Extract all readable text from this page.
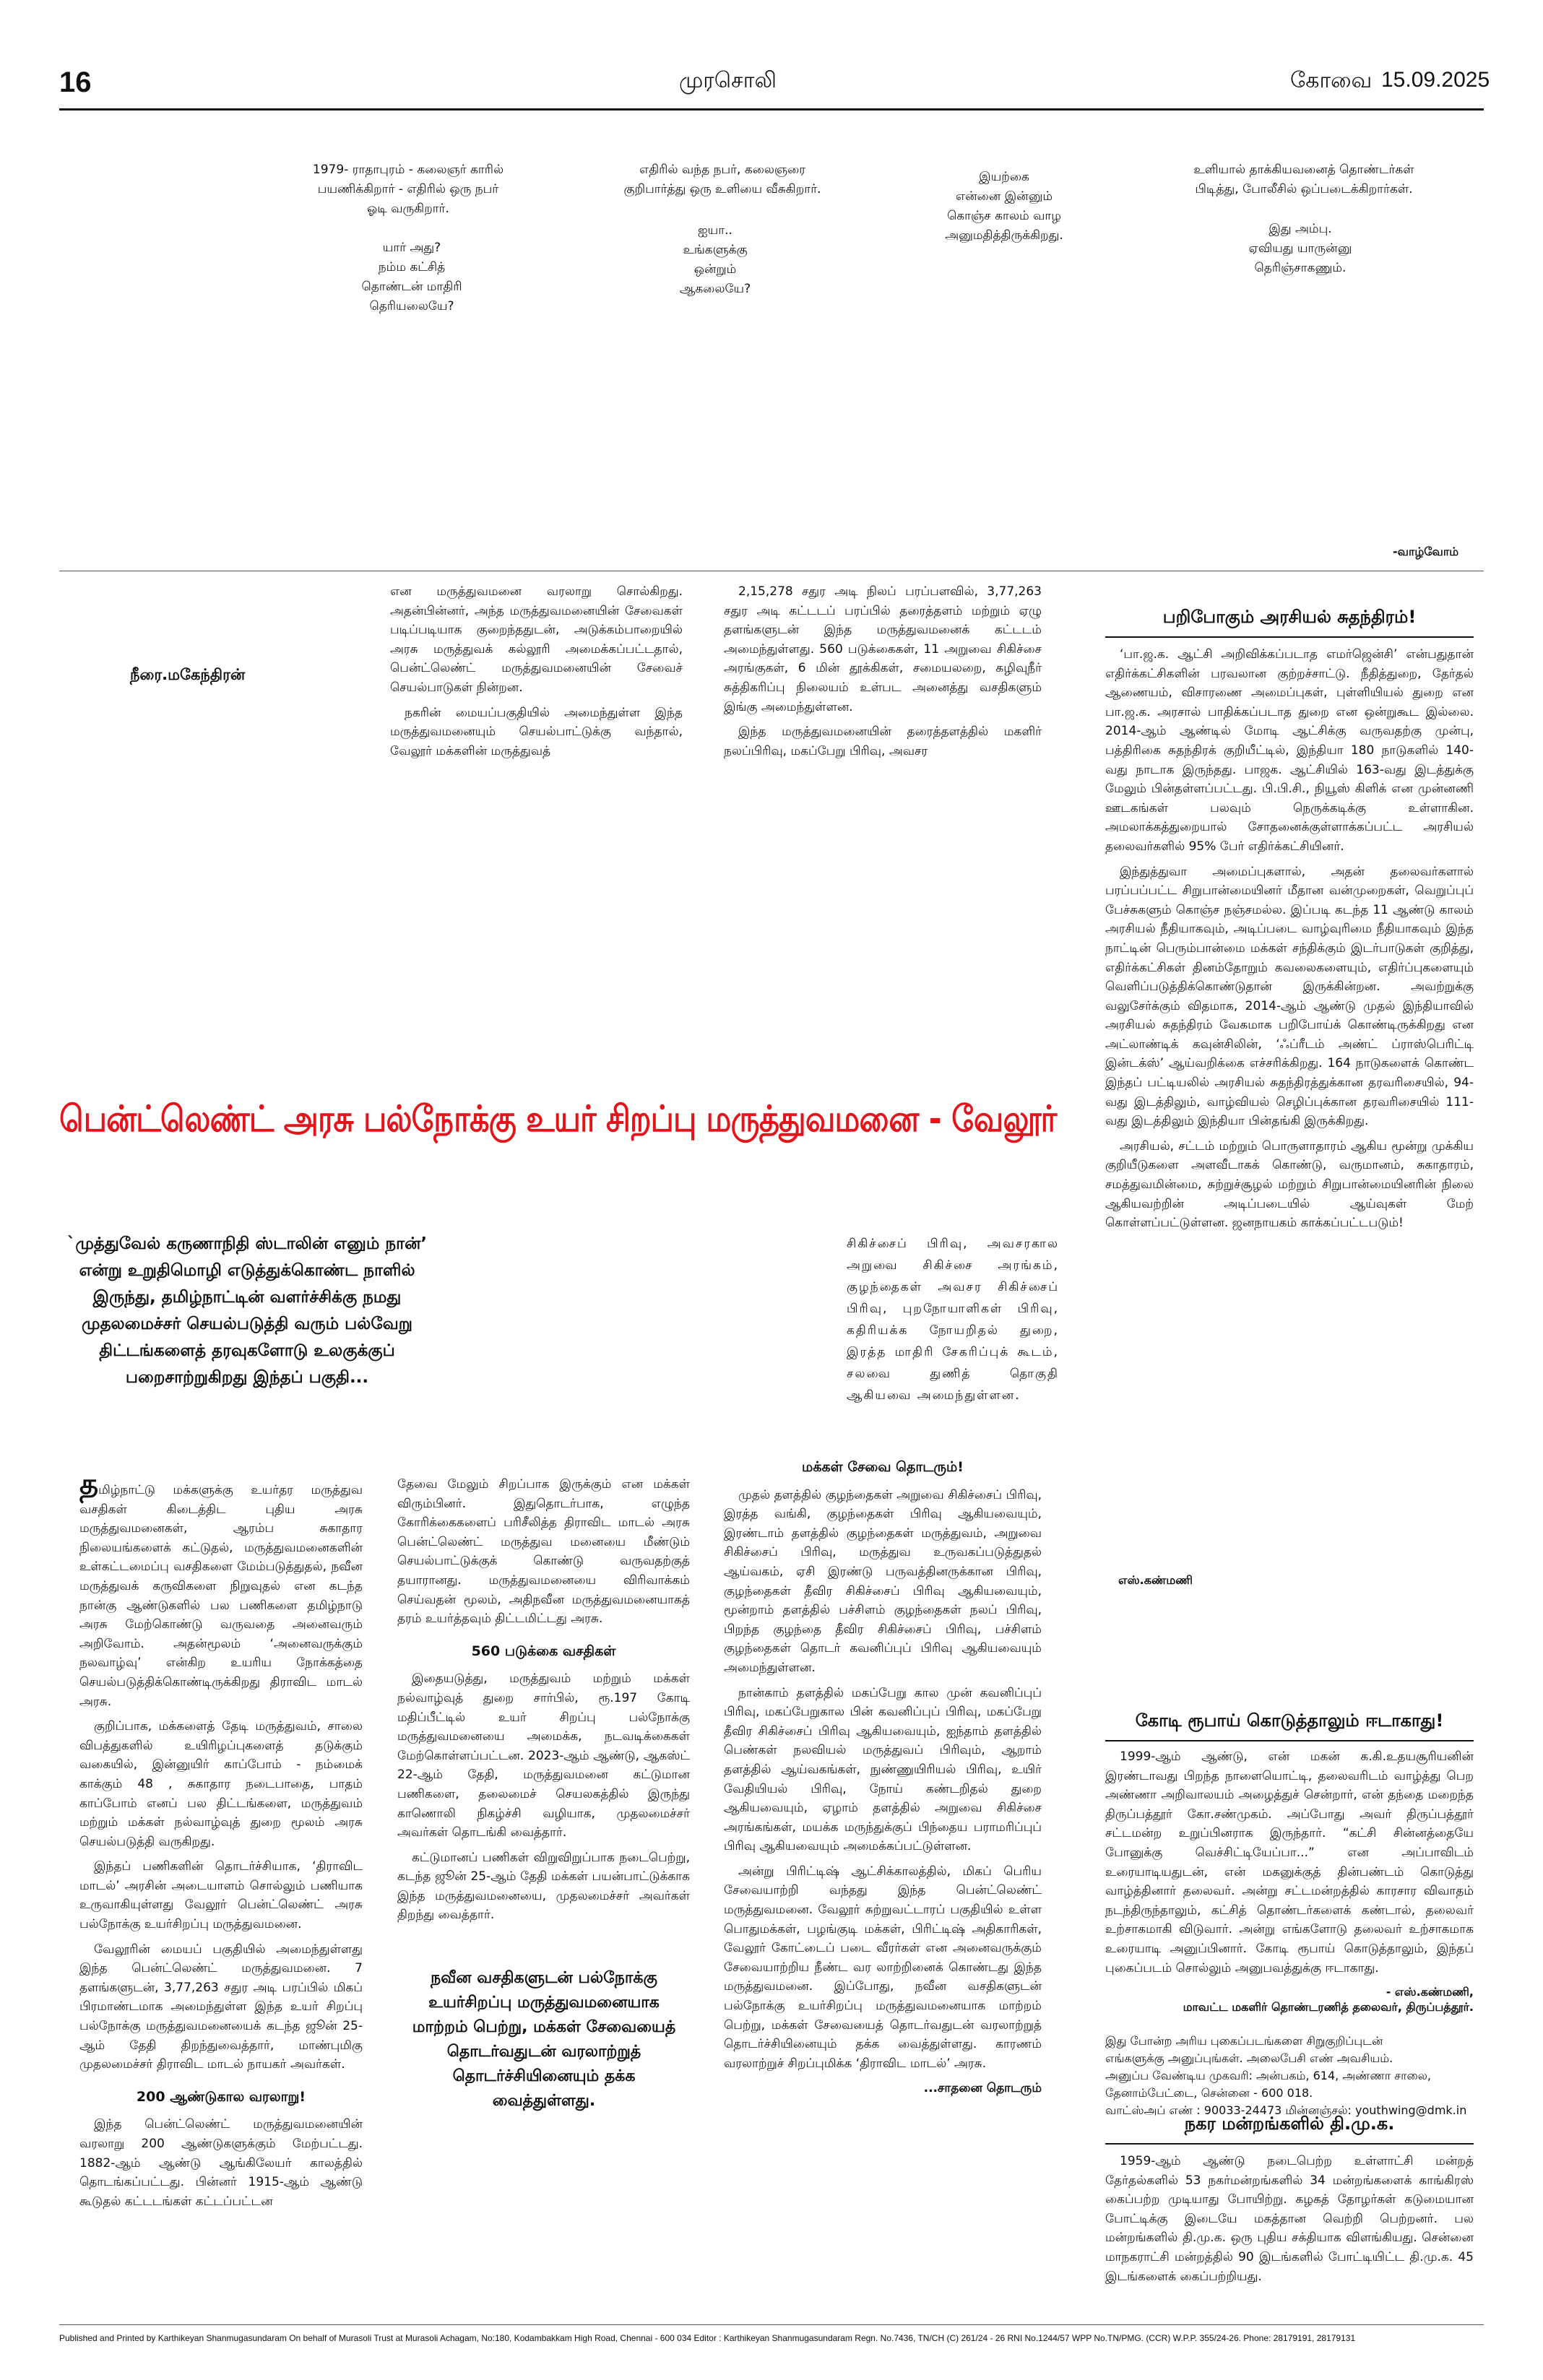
16	முரசொலி	கோவை 15.09.2025
1979- ராதாபுரம் - கலைஞர் காரில்
பயணிக்கிறார் - எதிரில் ஒரு நபர்
ஓடி வருகிறார்.
யார் அது?
நம்ம கட்சித்
தொண்டன் மாதிரி
தெரியலையே?
எதிரில் வந்த நபர், கலைஞரை
குறிபார்த்து ஒரு உளியை வீசுகிறார்.
ஐயா..
உங்களுக்கு
ஒன்றும்
ஆகலையே?
இயற்கை
என்னை இன்னும்
கொஞ்ச காலம் வாழ
அனுமதித்திருக்கிறது.
உளியால் தாக்கியவனைத் தொண்டர்கள்
பிடித்து, போலீசில் ஒப்படைக்கிறார்கள்.
இது அம்பு.
ஏவியது யாருன்னு
தெரிஞ்சாகணும்.
-வாழ்வோம்
நீரை.மகேந்திரன்

என மருத்துவமனை வரலாறு சொல்கிறது. அதன்பின்னர், அந்த மருத்துவமனையின் சேவைகள் படிப்படியாக குறைந்ததுடன், அடுக்கம்பாறையில் அரசு மருத்துவக் கல்லூரி அமைக்கப்பட்டதால், பென்ட்லெண்ட் மருத்துவமனையின் சேவைச் செயல்பாடுகள் நின்றன.

நகரின் மையப்பகுதியில் அமைந்துள்ள இந்த மருத்துவமனையும் செயல்பாட்டுக்கு வந்தால், வேலூர் மக்களின் மருத்துவத்

2,15,278 சதுர அடி நிலப் பரப்பளவில், 3,77,263 சதுர அடி கட்டடப் பரப்பில் தரைத்தளம் மற்றும் ஏழு தளங்களுடன் இந்த மருத்துவமனைக் கட்டடம் அமைந்துள்ளது. 560 படுக்கைகள், 11 அறுவை சிகிச்சை அரங்குகள், 6 மின் தூக்கிகள், சமையலறை, கழிவுநீர் சுத்திகரிப்பு நிலையம் உள்பட அனைத்து வசதிகளும் இங்கு அமைந்துள்ளன.

இந்த மருத்துவமனையின் தரைத்தளத்தில் மகளிர் நலப்பிரிவு, மகப்பேறு பிரிவு, அவசர

பென்ட்லெண்ட் அரசு பல்நோக்கு உயர் சிறப்பு மருத்துவமனை - வேலூர்
`முத்துவேல் கருணாநிதி ஸ்டாலின் எனும் நான்’ என்று உறுதிமொழி எடுத்துக்கொண்ட நாளில் இருந்து, தமிழ்நாட்டின் வளர்ச்சிக்கு நமது முதலமைச்சர் செயல்படுத்தி வரும் பல்வேறு திட்டங்களைத் தரவுகளோடு உலகுக்குப் பறைசாற்றுகிறது இந்தப் பகுதி...
சிகிச்சைப் பிரிவு, அவசரகால அறுவை சிகிச்சை அரங்கம், குழந்தைகள் அவசர சிகிச்சைப் பிரிவு, புறநோயாளிகள் பிரிவு, கதிரியக்க நோயறிதல் துறை, இரத்த மாதிரி சேகரிப்புக் கூடம், சலவை துணித் தொகுதி ஆகியவை அமைந்துள்ளன.

தமிழ்நாட்டு மக்களுக்கு உயர்தர மருத்துவ வசதிகள் கிடைத்திட புதிய அரசு மருத்துவமனைகள், ஆரம்ப சுகாதார நிலையங்களைக் கட்டுதல், மருத்துவமனைகளின் உள்கட்டமைப்பு வசதிகளை மேம்படுத்துதல், நவீன மருத்துவக் கருவிகளை நிறுவுதல் என கடந்த நான்கு ஆண்டுகளில் பல பணிகளை தமிழ்நாடு அரசு மேற்கொண்டு வருவதை அனைவரும் அறிவோம். அதன்மூலம் ‘அனைவருக்கும் நலவாழ்வு’ என்கிற உயரிய நோக்கத்தை செயல்படுத்திக்கொண்டிருக்கிறது திராவிட மாடல் அரசு.

குறிப்பாக, மக்களைத் தேடி மருத்துவம், சாலை விபத்துகளில் உயிரிழப்புகளைத் தடுக்கும் வகையில், இன்னுயிர் காப்போம் - நம்மைக் காக்கும் 48 , சுகாதார நடைபாதை, பாதம் காப்போம் எனப் பல திட்டங்களை, மருத்துவம் மற்றும் மக்கள் நல்வாழ்வுத் துறை மூலம் அரசு செயல்படுத்தி வருகிறது.

இந்தப் பணிகளின் தொடர்ச்சியாக, ‘திராவிட மாடல்’ அரசின் அடையாளம் சொல்லும் பணியாக உருவாகியுள்ளது வேலூர் பென்ட்லெண்ட் அரசு பல்நோக்கு உயர்சிறப்பு மருத்துவமனை.

வேலூரின் மையப் பகுதியில் அமைந்துள்ளது இந்த பென்ட்லெண்ட் மருத்துவமனை. 7 தளங்களுடன், 3,77,263 சதுர அடி பரப்பில் மிகப் பிரமாண்டமாக அமைந்துள்ள இந்த உயர் சிறப்பு பல்நோக்கு மருத்துவமனையைக் கடந்த ஜூன் 25-ஆம் தேதி திறந்துவைத்தார், மாண்புமிகு முதலமைச்சர் திராவிட மாடல் நாயகர் அவர்கள்.

200 ஆண்டுகால வரலாறு!

இந்த பென்ட்லெண்ட் மருத்துவமனையின் வரலாறு 200 ஆண்டுகளுக்கும் மேற்பட்டது. 1882-ஆம் ஆண்டு ஆங்கிலேயர் காலத்தில் தொடங்கப்பட்டது. பின்னர் 1915-ஆம் ஆண்டு கூடுதல் கட்டடங்கள் கட்டப்பட்டன

தேவை மேலும் சிறப்பாக இருக்கும் என மக்கள் விரும்பினர். இதுதொடர்பாக, எழுந்த கோரிக்கைகளைப் பரிசீலித்த திராவிட மாடல் அரசு பென்ட்லெண்ட் மருத்துவ மனையை மீண்டும் செயல்பாட்டுக்குக் கொண்டு வருவதற்குத் தயாரானது. மருத்துவமனையை விரிவாக்கம் செய்வதன் மூலம், அதிநவீன மருத்துவமனையாகத் தரம் உயர்த்தவும் திட்டமிட்டது அரசு.

560 படுக்கை வசதிகள்

இதையடுத்து, மருத்துவம் மற்றும் மக்கள் நல்வாழ்வுத் துறை சார்பில், ரூ.197 கோடி மதிப்பீட்டில் உயர் சிறப்பு பல்நோக்கு மருத்துவமனையை அமைக்க, நடவடிக்கைகள் மேற்கொள்ளப்பட்டன. 2023-ஆம் ஆண்டு, ஆகஸ்ட் 22-ஆம் தேதி, மருத்துவமனை கட்டுமான பணிகளை, தலைமைச் செயலகத்தில் இருந்து காணொலி நிகழ்ச்சி வழியாக, முதலமைச்சர் அவர்கள் தொடங்கி வைத்தார்.

கட்டுமானப் பணிகள் விறுவிறுப்பாக நடைபெற்று, கடந்த ஜூன் 25-ஆம் தேதி மக்கள் பயன்பாட்டுக்காக இந்த மருத்துவமனையை, முதலமைச்சர் அவர்கள் திறந்து வைத்தார்.

நவீன வசதிகளுடன் பல்நோக்கு உயர்சிறப்பு மருத்துவமனையாக மாற்றம் பெற்று, மக்கள் சேவையைத் தொடர்வதுடன் வரலாற்றுத் தொடர்ச்சியினையும் தக்க வைத்துள்ளது.
மக்கள் சேவை தொடரும்!

முதல் தளத்தில் குழந்தைகள் அறுவை சிகிச்சைப் பிரிவு, இரத்த வங்கி, குழந்தைகள் பிரிவு ஆகியவையும், இரண்டாம் தளத்தில் குழந்தைகள் மருத்துவம், அறுவை சிகிச்சைப் பிரிவு, மருத்துவ உருவகப்படுத்துதல் ஆய்வகம், ஏசி இரண்டு பருவத்தினருக்கான பிரிவு, குழந்தைகள் தீவிர சிகிச்சைப் பிரிவு ஆகியவையும், மூன்றாம் தளத்தில் பச்சிளம் குழந்தைகள் நலப் பிரிவு, பிறந்த குழந்தை தீவிர சிகிச்சைப் பிரிவு, பச்சிளம் குழந்தைகள் தொடர் கவனிப்புப் பிரிவு ஆகியவையும் அமைந்துள்ளன.

நான்காம் தளத்தில் மகப்பேறு கால முன் கவனிப்புப் பிரிவு, மகப்பேறுகால பின் கவனிப்புப் பிரிவு, மகப்பேறு தீவிர சிகிச்சைப் பிரிவு ஆகியவையும், ஐந்தாம் தளத்தில் பெண்கள் நலவியல் மருத்துவப் பிரிவும், ஆறாம் தளத்தில் ஆய்வகங்கள், நுண்ணுயிரியல் பிரிவு, உயிர் வேதியியல் பிரிவு, நோய் கண்டறிதல் துறை ஆகியவையும், ஏழாம் தளத்தில் அறுவை சிகிச்சை அரங்கங்கள், மயக்க மருந்துக்குப் பிந்தைய பராமரிப்புப் பிரிவு ஆகியவையும் அமைக்கப்பட்டுள்ளன.

அன்று பிரிட்டிஷ் ஆட்சிக்காலத்தில், மிகப் பெரிய சேவையாற்றி வந்தது இந்த பென்ட்லெண்ட் மருத்துவமனை. வேலூர் சுற்றுவட்டாரப் பகுதியில் உள்ள பொதுமக்கள், பழங்குடி மக்கள், பிரிட்டிஷ் அதிகாரிகள், வேலூர் கோட்டைப் படை வீரர்கள் என அனைவருக்கும் சேவையாற்றிய நீண்ட வர லாற்றினைக் கொண்டது இந்த மருத்துவமனை. இப்போது, நவீன வசதிகளுடன் பல்நோக்கு உயர்சிறப்பு மருத்துவமனையாக மாற்றம் பெற்று, மக்கள் சேவையைத் தொடர்வதுடன் வரலாற்றுத் தொடர்ச்சியினையும் தக்க வைத்துள்ளது. காரணம் வரலாற்றுச் சிறப்புமிக்க ‘திராவிட மாடல்’ அரசு.

...சாதனை தொடரும்
பறிபோகும் அரசியல் சுதந்திரம்!

‘பா.ஜ.க. ஆட்சி அறிவிக்கப்படாத எமர்ஜென்சி’ என்பதுதான் எதிர்க்கட்சிகளின் பரவலான குற்றச்சாட்டு. நீதித்துறை, தேர்தல் ஆணையம், விசாரணை அமைப்புகள், புள்ளியியல் துறை என பா.ஜ.க. அரசால் பாதிக்கப்படாத துறை என ஒன்றுகூட இல்லை. 2014-ஆம் ஆண்டில் மோடி ஆட்சிக்கு வருவதற்கு முன்பு, பத்திரிகை சுதந்திரக் குறியீட்டில், இந்தியா 180 நாடுகளில் 140-வது நாடாக இருந்தது. பாஜக. ஆட்சியில் 163-வது இடத்துக்கு மேலும் பின்தள்ளப்பட்டது. பி.பி.சி., நியூஸ் கிளிக் என முன்னணி ஊடகங்கள் பலவும் நெருக்கடிக்கு உள்ளாகின. அமலாக்கத்துறையால் சோதனைக்குள்ளாக்கப்பட்ட அரசியல் தலைவர்களில் 95% பேர் எதிர்க்கட்சியினர்.

இந்துத்துவா அமைப்புகளால், அதன் தலைவர்களால் பரப்பப்பட்ட சிறுபான்மையினர் மீதான வன்முறைகள், வெறுப்புப் பேச்சுகளும் கொஞ்ச நஞ்சமல்ல. இப்படி கடந்த 11 ஆண்டு காலம் அரசியல் நீதியாகவும், அடிப்படை வாழ்வுரிமை நீதியாகவும் இந்த நாட்டின் பெரும்பான்மை மக்கள் சந்திக்கும் இடர்பாடுகள் குறித்து, எதிர்க்கட்சிகள் தினம்தோறும் கவலைகளையும், எதிர்ப்புகளையும் வெளிப்படுத்திக்கொண்டுதான் இருக்கின்றன. அவற்றுக்கு வலுசேர்க்கும் விதமாக, 2014-ஆம் ஆண்டு முதல் இந்தியாவில் அரசியல் சுதந்திரம் வேகமாக பறிபோய்க் கொண்டிருக்கிறது என அட்லாண்டிக் கவுன்சிலின், ‘ஃப்ரீடம் அண்ட் ப்ராஸ்பெரிட்டி இன்டக்ஸ்’ ஆய்வறிக்கை எச்சரிக்கிறது. 164 நாடுகளைக் கொண்ட இந்தப் பட்டியலில் அரசியல் சுதந்திரத்துக்கான தரவரிசையில், 94-வது இடத்திலும், வாழ்வியல் செழிப்புக்கான தரவரிசையில் 111-வது இடத்திலும் இந்தியா பின்தங்கி இருக்கிறது.

அரசியல், சட்டம் மற்றும் பொருளாதாரம் ஆகிய மூன்று முக்கிய குறியீடுகளை அளவீடாகக் கொண்டு, வருமானம், சுகாதாரம், சமத்துவமின்மை, சுற்றுச்சூழல் மற்றும் சிறுபான்மையினரின் நிலை ஆகியவற்றின் அடிப்படையில் ஆய்வுகள் மேற் கொள்ளப்பட்டுள்ளன. ஜனநாயகம் காக்கப்பட்டபடும்!

எஸ்.கண்மணி
கோடி ரூபாய் கொடுத்தாலும் ஈடாகாது!

1999-ஆம் ஆண்டு, என் மகன் க.கி.உதயசூரியனின் இரண்டாவது பிறந்த நாளையொட்டி, தலைவரிடம் வாழ்த்து பெற அண்ணா அறிவாலயம் அழைத்துச் சென்றார், என் தந்தை மறைந்த திருப்பத்தூர் கோ.சண்முகம். அப்போது அவர் திருப்பத்தூர் சட்டமன்ற உறுப்பினராக இருந்தார். “கட்சி சின்னத்தையே போனுக்கு வெச்சிட்டியேப்பா...” என அப்பாவிடம் உரையாடியதுடன், என் மகனுக்குத் தின்பண்டம் கொடுத்து வாழ்த்தினார் தலைவர். அன்று சட்டமன்றத்தில் காரசார விவாதம் நடந்திருந்தாலும், கட்சித் தொண்டர்களைக் கண்டால், தலைவர் உற்சாகமாகி விடுவார். அன்று எங்களோடு தலைவர் உற்சாகமாக உரையாடி அனுப்பினார். கோடி ரூபாய் கொடுத்தாலும், இந்தப் புகைப்படம் சொல்லும் அனுபவத்துக்கு ஈடாகாது.

- எஸ்.கண்மணி,
மாவட்ட மகளிர் தொண்டரணித் தலைவர், திருப்பத்தூர்.
இது போன்ற அரிய புகைப்படங்களை சிறுகுறிப்புடன்
எங்களுக்கு அனுப்புங்கள். அலைபேசி எண் அவசியம்.
அனுப்ப வேண்டிய முகவரி: அன்பகம், 614, அண்ணா சாலை,
தேனாம்பேட்டை, சென்னை - 600 018.
வாட்ஸ்அப் எண் : 90033-24473 மின்னஞ்சல்: youthwing@dmk.in
நகர மன்றங்களில் தி.மு.க.

1959-ஆம் ஆண்டு நடைபெற்ற உள்ளாட்சி மன்றத் தேர்தல்களில் 53 நகர்மன்றங்களில் 34 மன்றங்களைக் காங்கிரஸ் கைப்பற்ற முடியாது போயிற்று. கழகத் தோழர்கள் கடுமையான போட்டிக்கு இடையே மகத்தான வெற்றி பெற்றனர். பல மன்றங்களில் தி.மு.க. ஒரு புதிய சக்தியாக விளங்கியது. சென்னை மாநகராட்சி மன்றத்தில் 90 இடங்களில் போட்டியிட்ட தி.மு.க. 45 இடங்களைக் கைப்பற்றியது.

Published and Printed by Karthikeyan Shanmugasundaram On behalf of Murasoli Trust at Murasoli Achagam, No:180, Kodambakkam High Road, Chennai - 600 034 Editor : Karthikeyan Shanmugasundaram Regn. No.7436, TN/CH (C) 261/24 - 26 RNI No.1244/57 WPP No.TN/PMG. (CCR) W.P.P. 355/24-26. Phone: 28179191, 28179131
